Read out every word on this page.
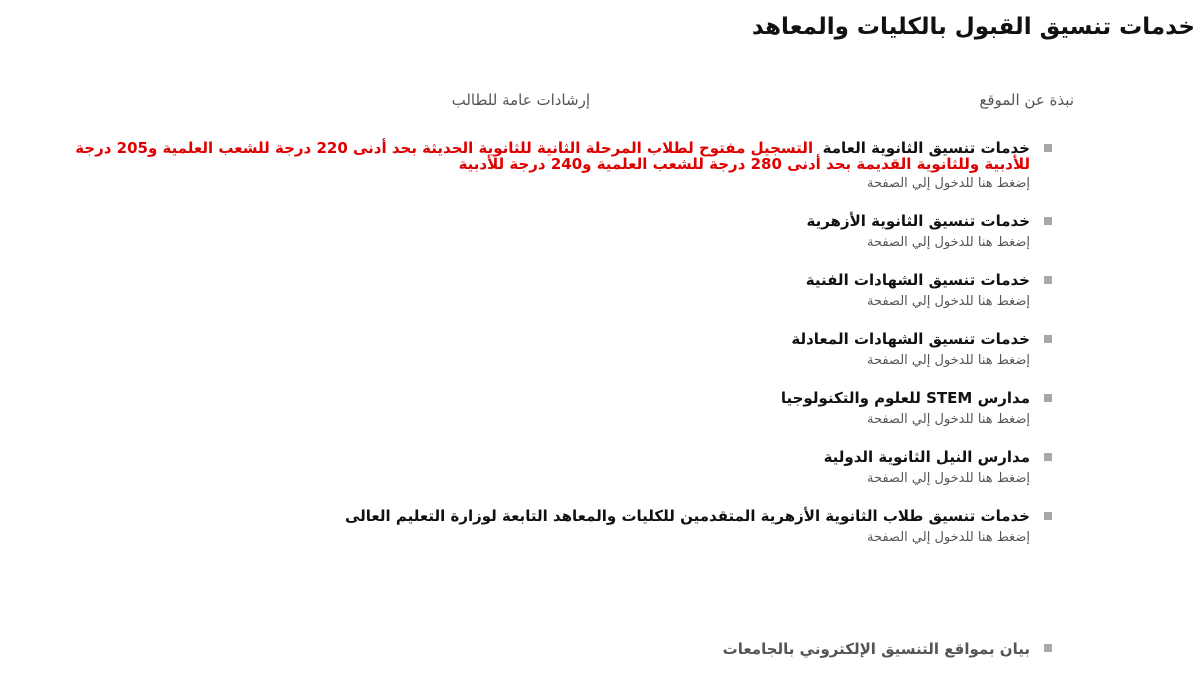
خدمات تنسيق القبول بالكليات والمعاهد
نبذة عن الموقع
إرشادات عامة للطالب
خدمات تنسيق الثانوية العامة  التسجيل مفتوح لطلاب المرحلة الثانية للثانوية الحديثة بحد أدنى 220 درجة للشعب العلمية و205 درجة للأدبية وللثانوية القديمة بحد أدنى 280 درجة للشعب العلمية و240 درجة للأدبية
إضغط هنا للدخول إلي الصفحة
خدمات تنسيق الثانوية الأزهرية
إضغط هنا للدخول إلي الصفحة
خدمات تنسيق الشهادات الفنية
إضغط هنا للدخول إلي الصفحة
خدمات تنسيق الشهادات المعادلة
إضغط هنا للدخول إلي الصفحة
مدارس STEM للعلوم والتكنولوجيا
إضغط هنا للدخول إلي الصفحة
مدارس النيل الثانوية الدولية
إضغط هنا للدخول إلي الصفحة
خدمات تنسيق طلاب الثانوية الأزهرية المتقدمين للكليات والمعاهد التابعة لوزارة التعليم العالى
إضغط هنا للدخول إلي الصفحة
بيان بمواقع التنسيق الإلكتروني بالجامعات
